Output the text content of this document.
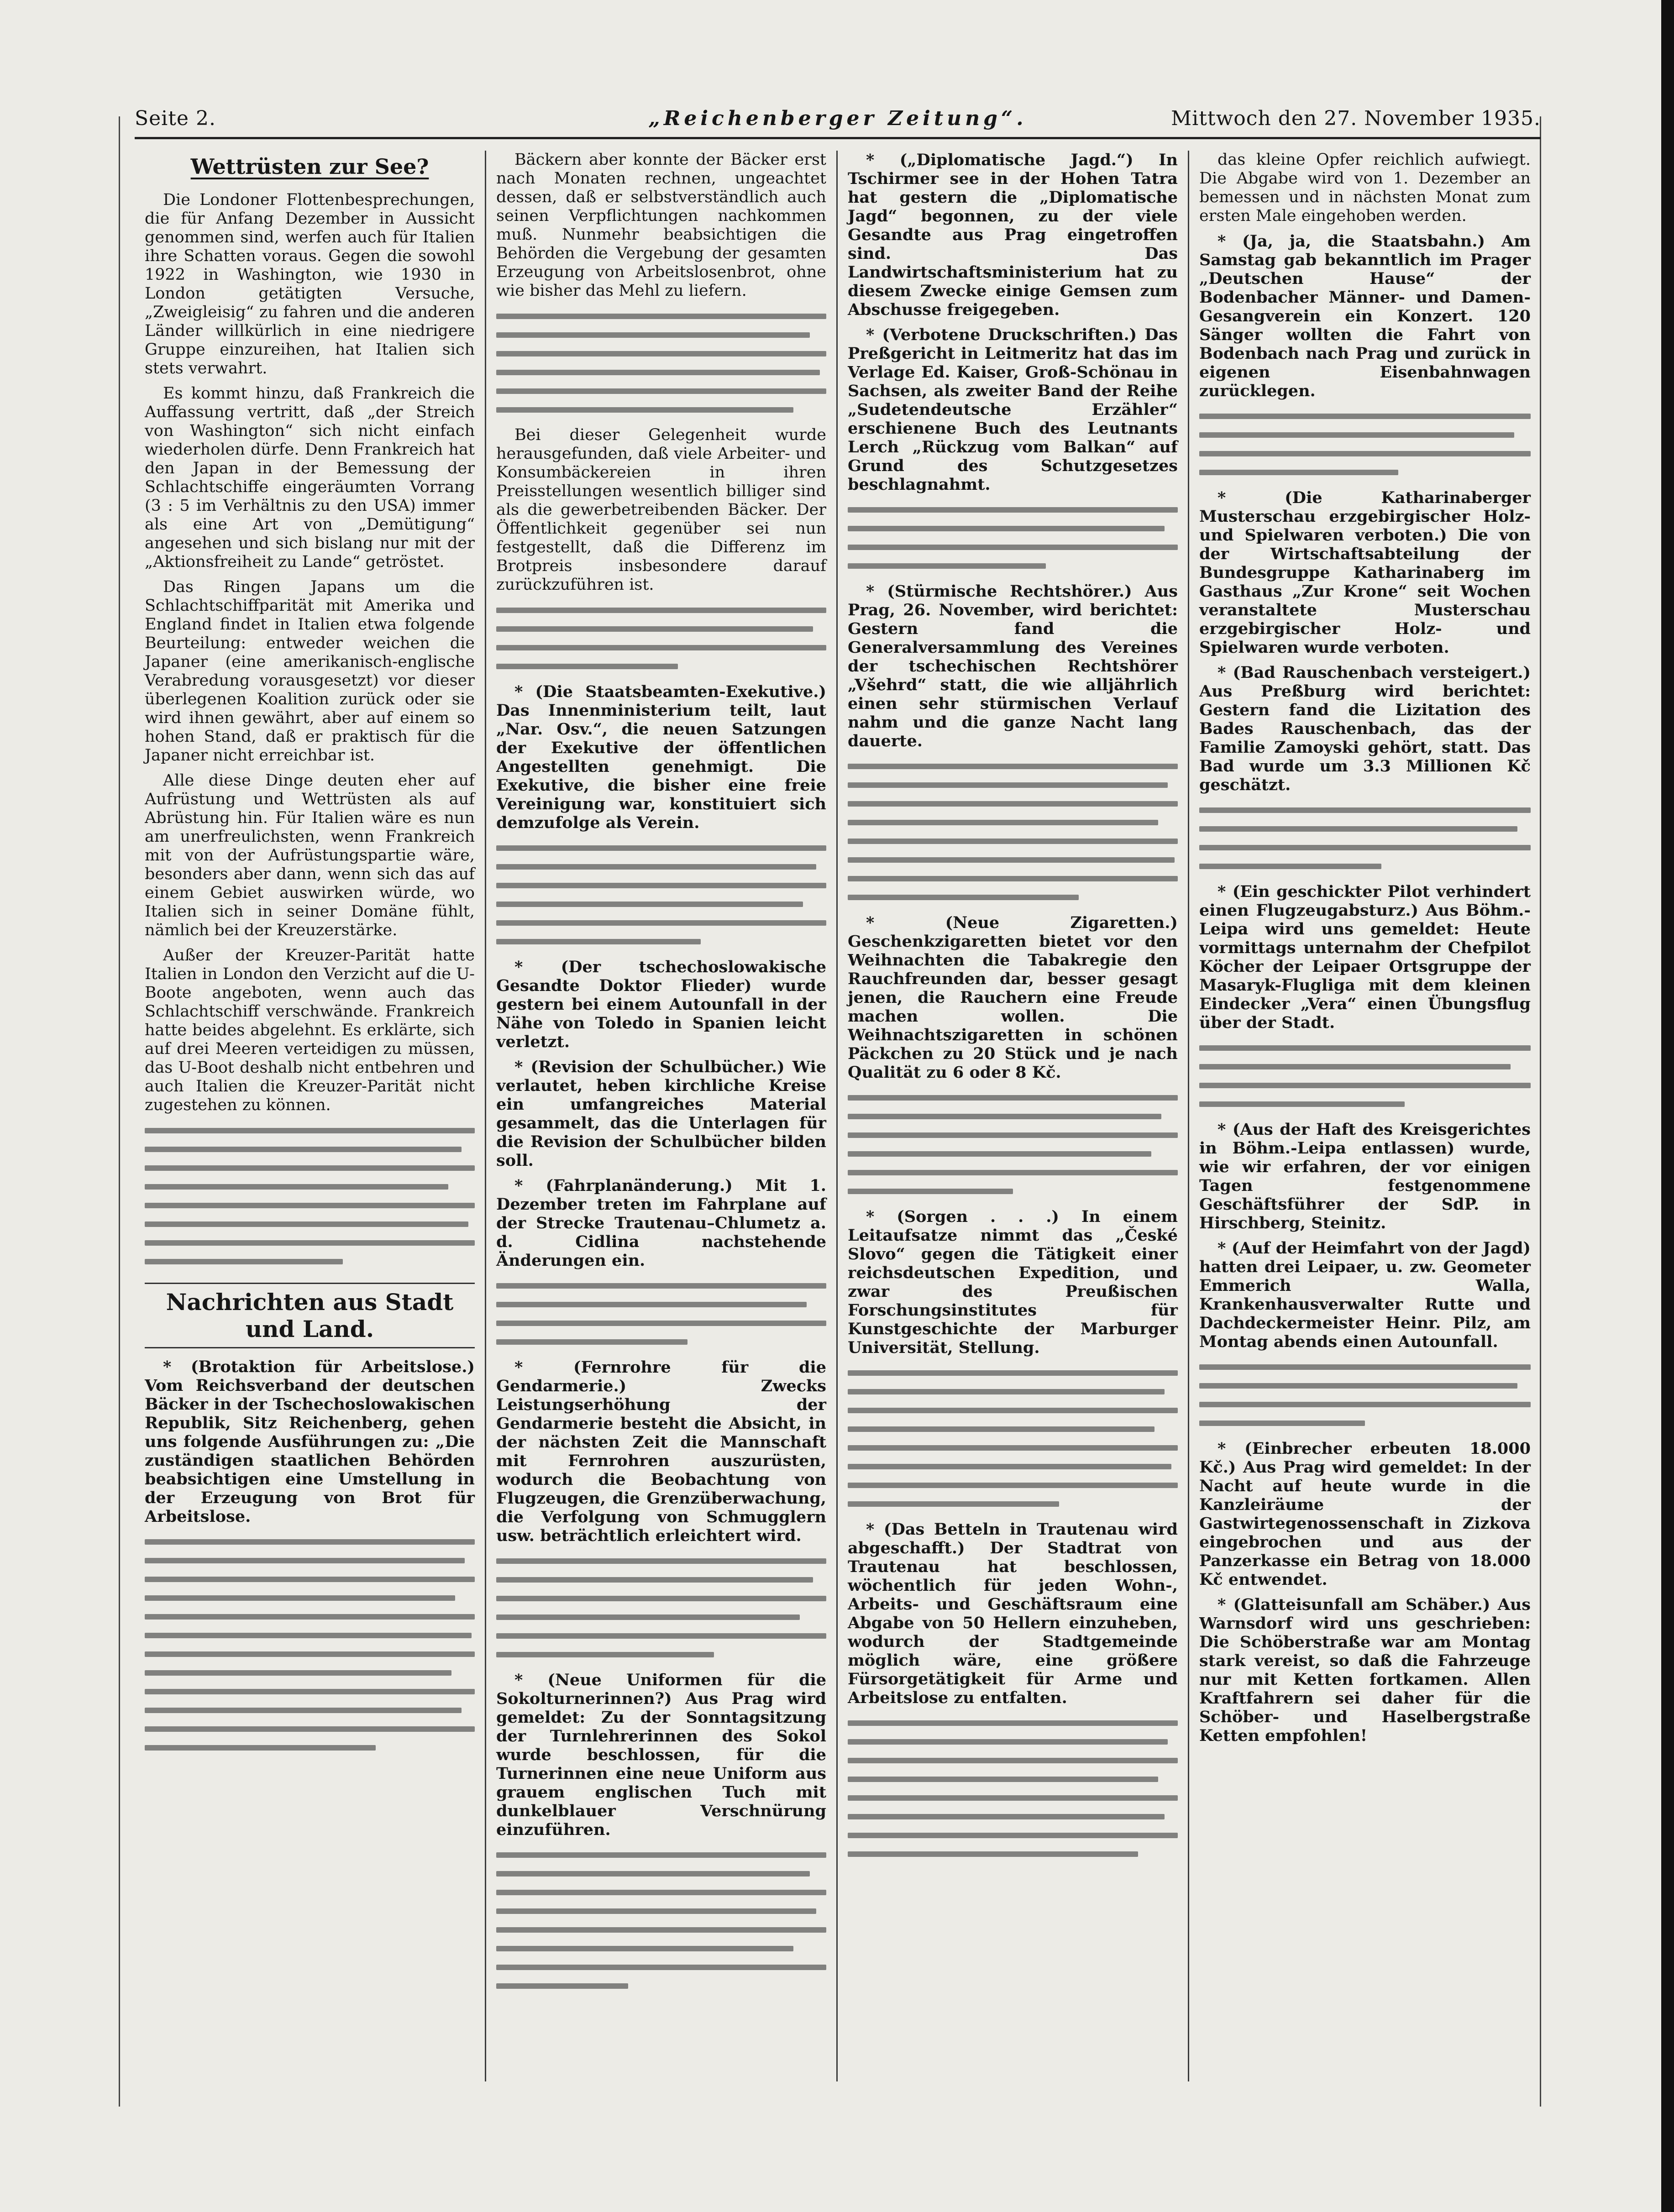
Seite 2.	„Reichenberger Zeitung“.	Mittwoch den 27. November 1935.
Wettrüsten zur See?

Die Londoner Flottenbesprechungen, die für Anfang Dezember in Aussicht genommen sind, werfen auch für Italien ihre Schatten voraus. Gegen die sowohl 1922 in Washington, wie 1930 in London getätigten Versuche, „Zweigleisig“ zu fahren und die anderen Länder willkürlich in eine niedrigere Gruppe einzureihen, hat Italien sich stets verwahrt.

Es kommt hinzu, daß Frankreich die Auffassung vertritt, daß „der Streich von Washington“ sich nicht einfach wiederholen dürfe. Denn Frankreich hat den Japan in der Bemessung der Schlachtschiffe eingeräumten Vorrang (3 : 5 im Verhältnis zu den USA) immer als eine Art von „Demütigung“ angesehen und sich bislang nur mit der „Aktionsfreiheit zu Lande“ getröstet.

Das Ringen Japans um die Schlachtschiffparität mit Amerika und England findet in Italien etwa folgende Beurteilung: entweder weichen die Japaner (eine amerikanisch-englische Verabredung vorausgesetzt) vor dieser überlegenen Koalition zurück oder sie wird ihnen gewährt, aber auf einem so hohen Stand, daß er praktisch für die Japaner nicht erreichbar ist.

Alle diese Dinge deuten eher auf Aufrüstung und Wettrüsten als auf Abrüstung hin. Für Italien wäre es nun am unerfreulichsten, wenn Frankreich mit von der Aufrüstungspartie wäre, besonders aber dann, wenn sich das auf einem Gebiet auswirken würde, wo Italien sich in seiner Domäne fühlt, nämlich bei der Kreuzerstärke.

Außer der Kreuzer-Parität hatte Italien in London den Verzicht auf die U-Boote angeboten, wenn auch das Schlachtschiff verschwände. Frankreich hatte beides abgelehnt. Es erklärte, sich auf drei Meeren verteidigen zu müssen, das U-Boot deshalb nicht entbehren und auch Italien die Kreuzer-Parität nicht zugestehen zu können.

Nachrichten aus Stadt und Land.

* (Brotaktion für Arbeitslose.) Vom Reichsverband der deutschen Bäcker in der Tschechoslowakischen Republik, Sitz Reichenberg, gehen uns folgende Ausführungen zu: „Die zuständigen staatlichen Behörden beabsichtigen eine Umstellung in der Erzeugung von Brot für Arbeitslose.

Bäckern aber konnte der Bäcker erst nach Monaten rechnen, ungeachtet dessen, daß er selbstverständlich auch seinen Verpflichtungen nachkommen muß. Nunmehr beabsichtigen die Behörden die Vergebung der gesamten Erzeugung von Arbeitslosenbrot, ohne wie bisher das Mehl zu liefern.

Bei dieser Gelegenheit wurde herausgefunden, daß viele Arbeiter- und Konsumbäckereien in ihren Preisstellungen wesentlich billiger sind als die gewerbetreibenden Bäcker. Der Öffentlichkeit gegenüber sei nun festgestellt, daß die Differenz im Brotpreis insbesondere darauf zurückzuführen ist.

* (Die Staatsbeamten-Exekutive.) Das Innenministerium teilt, laut „Nar. Osv.“, die neuen Satzungen der Exekutive der öffentlichen Angestellten genehmigt. Die Exekutive, die bisher eine freie Vereinigung war, konstituiert sich demzufolge als Verein.

* (Der tschechoslowakische Gesandte Doktor Flieder) wurde gestern bei einem Autounfall in der Nähe von Toledo in Spanien leicht verletzt.

* (Revision der Schulbücher.) Wie verlautet, heben kirchliche Kreise ein umfangreiches Material gesammelt, das die Unterlagen für die Revision der Schulbücher bilden soll.

* (Fahrplanänderung.) Mit 1. Dezember treten im Fahrplane auf der Strecke Trautenau–Chlumetz a. d. Cidlina nachstehende Änderungen ein.

* (Fernrohre für die Gendarmerie.) Zwecks Leistungserhöhung der Gendarmerie besteht die Absicht, in der nächsten Zeit die Mannschaft mit Fernrohren auszurüsten, wodurch die Beobachtung von Flugzeugen, die Grenzüberwachung, die Verfolgung von Schmugglern usw. beträchtlich erleichtert wird.

* (Neue Uniformen für die Sokolturnerinnen?) Aus Prag wird gemeldet: Zu der Sonntagsitzung der Turnlehrerinnen des Sokol wurde beschlossen, für die Turnerinnen eine neue Uniform aus grauem englischen Tuch mit dunkelblauer Verschnürung einzuführen.

* („Diplomatische Jagd.“) In Tschirmer see in der Hohen Tatra hat gestern die „Diplomatische Jagd“ begonnen, zu der viele Gesandte aus Prag eingetroffen sind. Das Landwirtschaftsministerium hat zu diesem Zwecke einige Gemsen zum Abschusse freigegeben.

* (Verbotene Druckschriften.) Das Preßgericht in Leitmeritz hat das im Verlage Ed. Kaiser, Groß-Schönau in Sachsen, als zweiter Band der Reihe „Sudetendeutsche Erzähler“ erschienene Buch des Leutnants Lerch „Rückzug vom Balkan“ auf Grund des Schutzgesetzes beschlagnahmt.

* (Stürmische Rechtshörer.) Aus Prag, 26. November, wird berichtet: Gestern fand die Generalversammlung des Vereines der tschechischen Rechtshörer „Všehrd“ statt, die wie alljährlich einen sehr stürmischen Verlauf nahm und die ganze Nacht lang dauerte.

* (Neue Zigaretten.) Geschenkzigaretten bietet vor den Weihnachten die Tabakregie den Rauchfreunden dar, besser gesagt jenen, die Rauchern eine Freude machen wollen. Die Weihnachtszigaretten in schönen Päckchen zu 20 Stück und je nach Qualität zu 6 oder 8 Kč.

* (Sorgen . . .) In einem Leitaufsatze nimmt das „České Slovo“ gegen die Tätigkeit einer reichsdeutschen Expedition, und zwar des Preußischen Forschungsinstitutes für Kunstgeschichte der Marburger Universität, Stellung.

* (Das Betteln in Trautenau wird abgeschafft.) Der Stadtrat von Trautenau hat beschlossen, wöchentlich für jeden Wohn-, Arbeits- und Geschäftsraum eine Abgabe von 50 Hellern einzuheben, wodurch der Stadtgemeinde möglich wäre, eine größere Fürsorgetätigkeit für Arme und Arbeitslose zu entfalten.

das kleine Opfer reichlich aufwiegt. Die Abgabe wird von 1. Dezember an bemessen und in nächsten Monat zum ersten Male eingehoben werden.

* (Ja, ja, die Staatsbahn.) Am Samstag gab bekanntlich im Prager „Deutschen Hause“ der Bodenbacher Männer- und Damen-Gesangverein ein Konzert. 120 Sänger wollten die Fahrt von Bodenbach nach Prag und zurück in eigenen Eisenbahnwagen zurücklegen.

* (Die Katharinaberger Musterschau erzgebirgischer Holz- und Spielwaren verboten.) Die von der Wirtschaftsabteilung der Bundesgruppe Katharinaberg im Gasthaus „Zur Krone“ seit Wochen veranstaltete Musterschau erzgebirgischer Holz- und Spielwaren wurde verboten.

* (Bad Rauschenbach versteigert.) Aus Preßburg wird berichtet: Gestern fand die Lizitation des Bades Rauschenbach, das der Familie Zamoyski gehört, statt. Das Bad wurde um 3.3 Millionen Kč geschätzt.

* (Ein geschickter Pilot verhindert einen Flugzeugabsturz.) Aus Böhm.-Leipa wird uns gemeldet: Heute vormittags unternahm der Chefpilot Köcher der Leipaer Ortsgruppe der Masaryk-Flugliga mit dem kleinen Eindecker „Vera“ einen Übungsflug über der Stadt.

* (Aus der Haft des Kreisgerichtes in Böhm.-Leipa entlassen) wurde, wie wir erfahren, der vor einigen Tagen festgenommene Geschäftsführer der SdP. in Hirschberg, Steinitz.

* (Auf der Heimfahrt von der Jagd) hatten drei Leipaer, u. zw. Geometer Emmerich Walla, Krankenhausverwalter Rutte und Dachdeckermeister Heinr. Pilz, am Montag abends einen Autounfall.

* (Einbrecher erbeuten 18.000 Kč.) Aus Prag wird gemeldet: In der Nacht auf heute wurde in die Kanzleiräume der Gastwirtegenossenschaft in Zizkova eingebrochen und aus der Panzerkasse ein Betrag von 18.000 Kč entwendet.

* (Glatteisunfall am Schäber.) Aus Warnsdorf wird uns geschrieben: Die Schöberstraße war am Montag stark vereist, so daß die Fahrzeuge nur mit Ketten fortkamen. Allen Kraftfahrern sei daher für die Schöber- und Haselbergstraße Ketten empfohlen!
